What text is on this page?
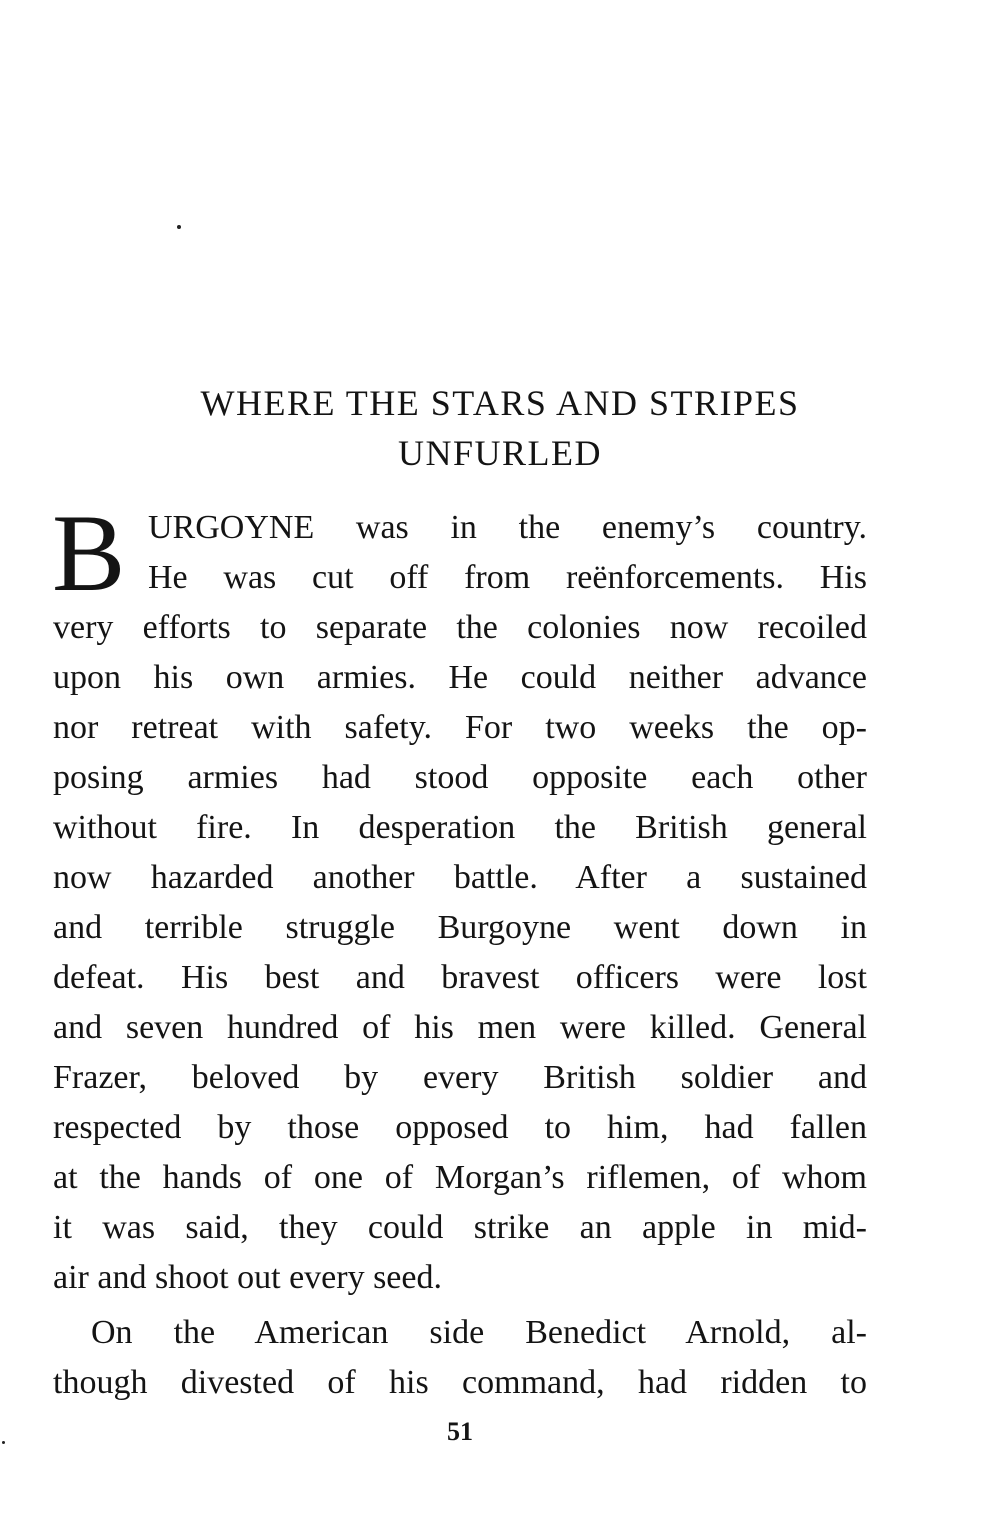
WHERE THE STARS AND STRIPES
UNFURLED
B URGOYNE was in the enemy’s country.
He was cut off from reënforcements. His
very efforts to separate the colonies now recoiled
upon his own armies. He could neither advance
nor retreat with safety. For two weeks the op-
posing armies had stood opposite each other
without fire. In desperation the British general
now hazarded another battle. After a sustained
and terrible struggle Burgoyne went down in
defeat. His best and bravest officers were lost
and seven hundred of his men were killed. General
Frazer, beloved by every British soldier and
respected by those opposed to him, had fallen
at the hands of one of Morgan’s riflemen, of whom
it was said, they could strike an apple in mid-
air and shoot out every seed.
On the American side Benedict Arnold, al-
though divested of his command, had ridden to
51
